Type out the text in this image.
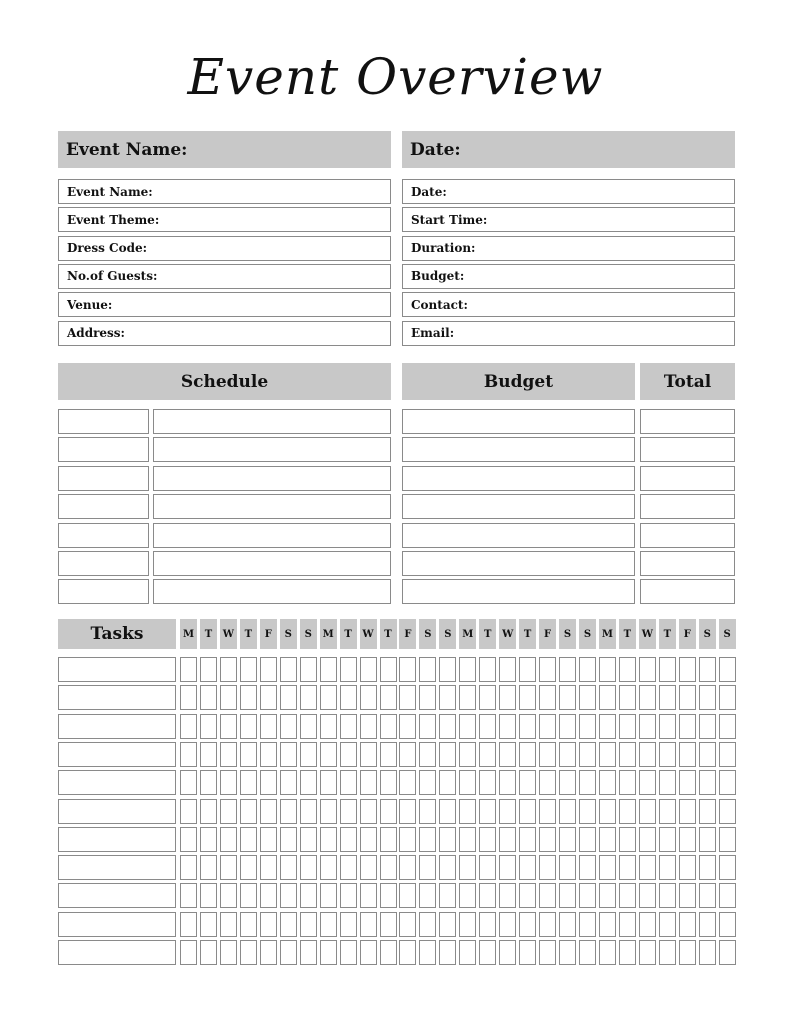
Event Overview
Event Name:	Date:
Event Name:
Event Theme:
Dress Code:
No.of Guests:
Venue:
Address:
Date:
Start Time:
Duration:
Budget:
Contact:
Email:
Schedule	Budget	Total
Tasks	M	T	W	T	F	S	S	M	T	W	T	F	S	S	M	T	W	T	F	S	S	M	T	W	T	F	S	S
